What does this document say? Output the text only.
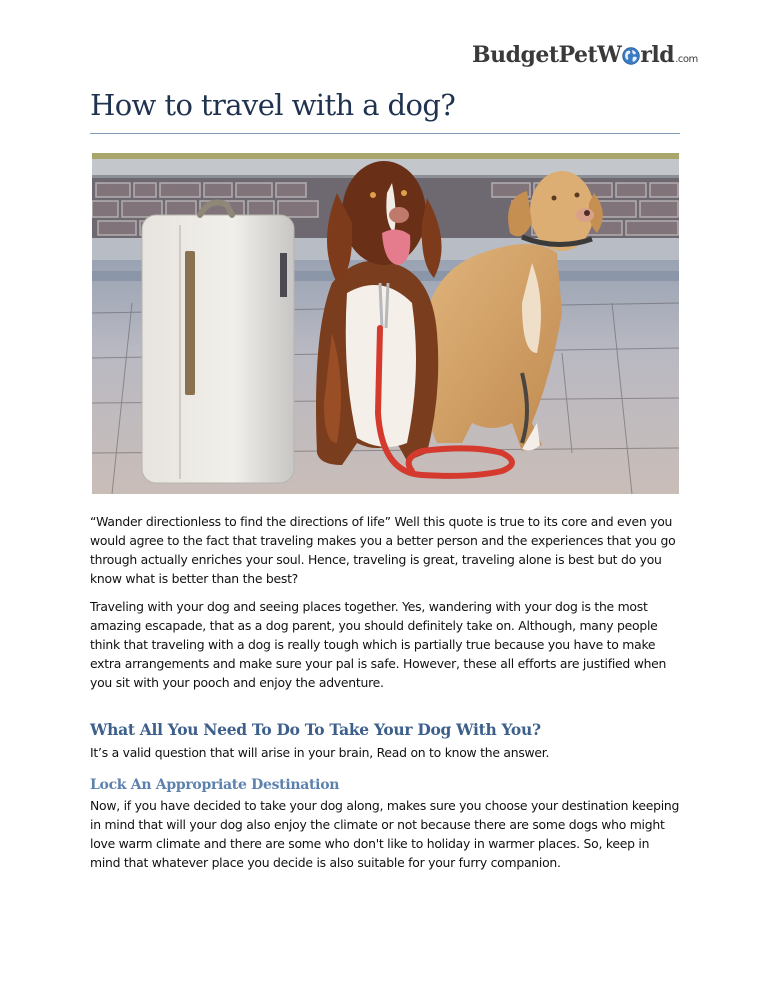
BudgetPetW rld .com
How to travel with a dog?

“Wander directionless to find the directions of life” Well this quote is true to its core and even you would agree to the fact that traveling makes you a better person and the experiences that you go through actually enriches your soul. Hence, traveling is great, traveling alone is best but do you know what is better than the best?

Traveling with your dog and seeing places together. Yes, wandering with your dog is the most amazing escapade, that as a dog parent, you should definitely take on. Although, many people think that traveling with a dog is really tough which is partially true because you have to make extra arrangements and make sure your pal is safe. However, these all efforts are justified when you sit with your pooch and enjoy the adventure.

What All You Need To Do To Take Your Dog With You?

It’s a valid question that will arise in your brain, Read on to know the answer.

Lock An Appropriate Destination

Now, if you have decided to take your dog along, makes sure you choose your destination keeping in mind that will your dog also enjoy the climate or not because there are some dogs who might love warm climate and there are some who don't like to holiday in warmer places. So, keep in mind that whatever place you decide is also suitable for your furry companion.
